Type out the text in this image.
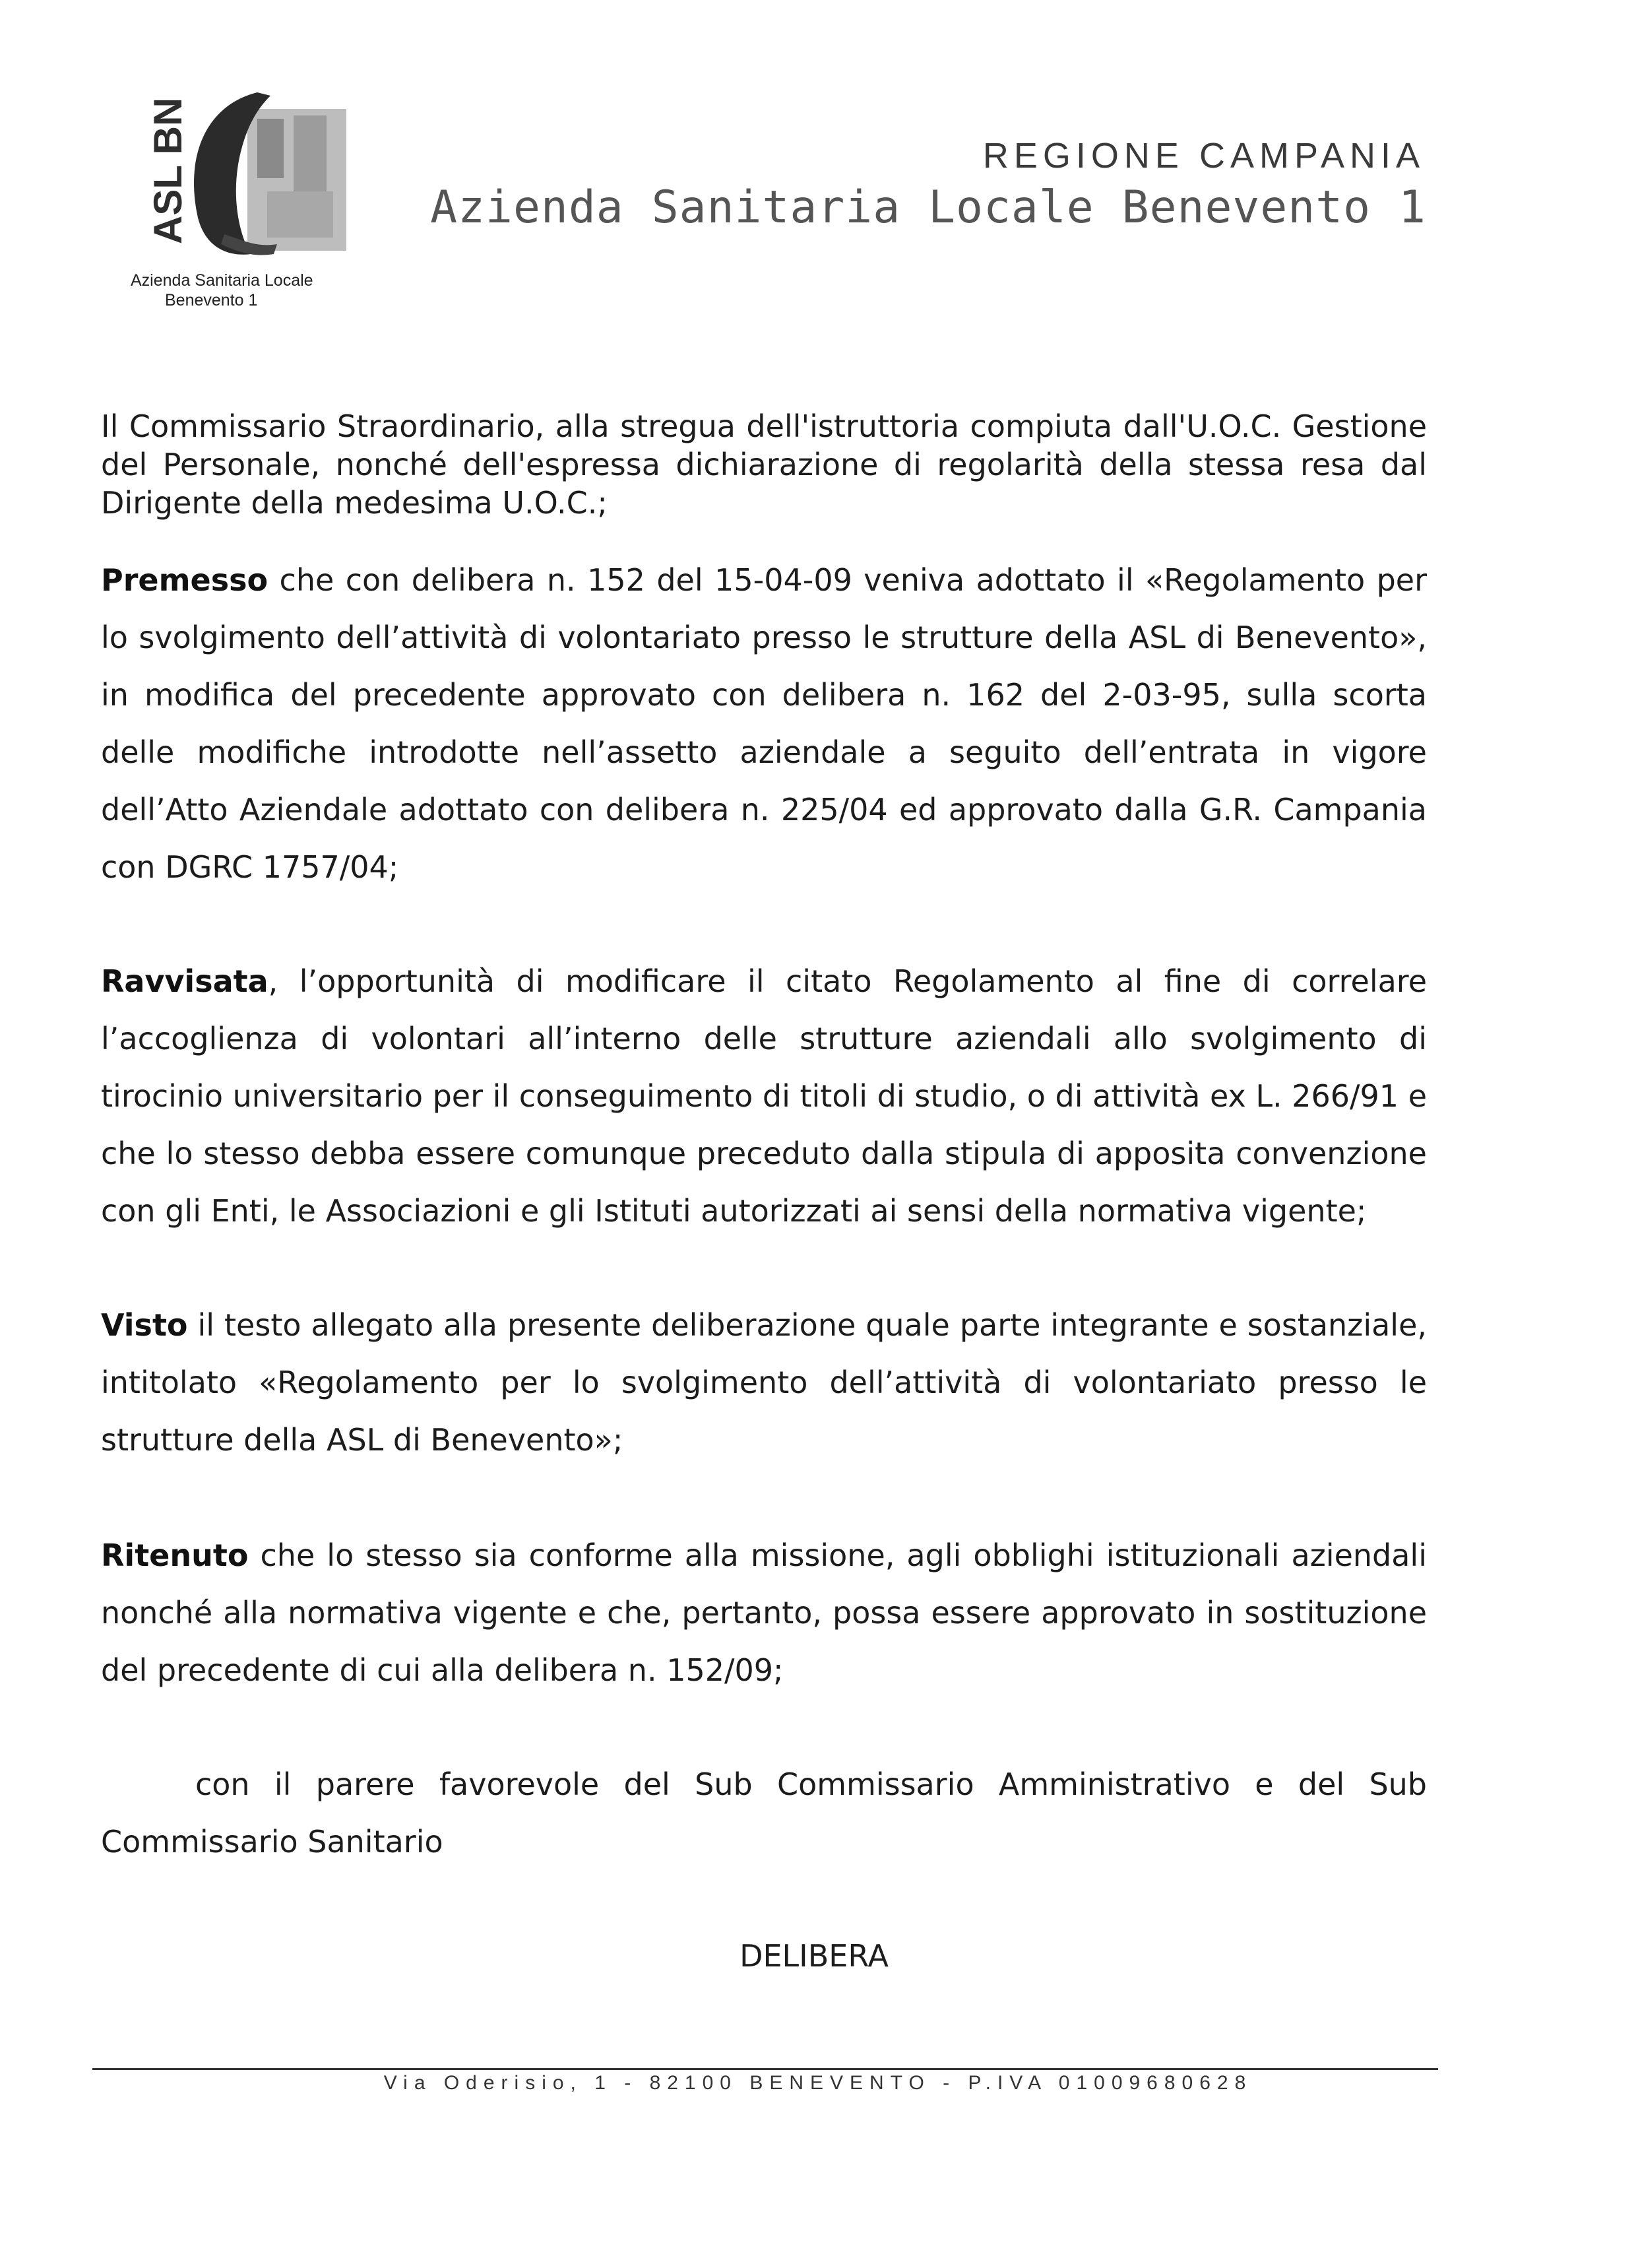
ASL BN
Azienda Sanitaria Locale
Benevento 1
REGIONE CAMPANIA
Azienda Sanitaria Locale Benevento 1
Il Commissario Straordinario, alla stregua dell'istruttoria compiuta dall'U.O.C. Gestione del Personale, nonché dell'espressa dichiarazione di regolarità della stessa resa dal Dirigente della medesima U.O.C.;
Premesso che con delibera n. 152 del 15-04-09 veniva adottato il «Regolamento per lo svolgimento dell’attività di volontariato presso le strutture della ASL di Benevento», in modifica del precedente approvato con delibera n. 162 del 2-03-95, sulla scorta delle modifiche introdotte nell’assetto aziendale a seguito dell’entrata in vigore dell’Atto Aziendale adottato con delibera n. 225/04 ed approvato dalla G.R. Campania con DGRC 1757/04;
Ravvisata, l’opportunità di modificare il citato Regolamento al fine di correlare l’accoglienza di volontari all’interno delle strutture aziendali allo svolgimento di tirocinio universitario per il conseguimento di titoli di studio, o di attività ex L. 266/91 e che lo stesso debba essere comunque preceduto dalla stipula di apposita convenzione con gli Enti, le Associazioni e gli Istituti autorizzati ai sensi della normativa vigente;
Visto il testo allegato alla presente deliberazione quale parte integrante e sostanziale, intitolato «Regolamento per lo svolgimento dell’attività di volontariato presso le strutture della ASL di Benevento»;
Ritenuto che lo stesso sia conforme alla missione, agli obblighi istituzionali aziendali nonché alla normativa vigente e che, pertanto, possa essere approvato in sostituzione del precedente di cui alla delibera n. 152/09;
con il parere favorevole del Sub Commissario Amministrativo e del Sub Commissario Sanitario
DELIBERA
Via Oderisio, 1 - 82100 BENEVENTO - P.IVA 01009680628
